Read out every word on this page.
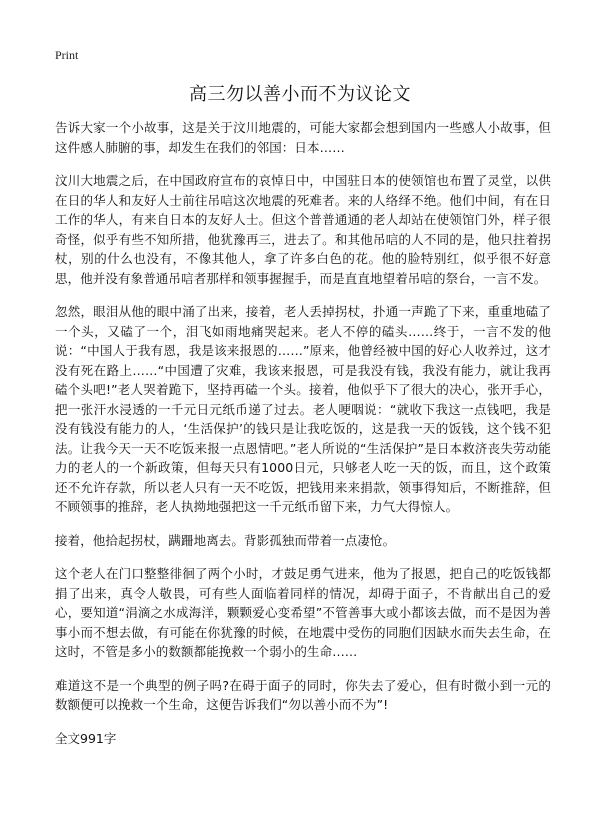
Print
高三勿以善小而不为议论文

告诉大家一个小故事，这是关于汶川地震的，可能大家都会想到国内一些感人小故事，但这件感人肺腑的事，却发生在我们的邻国：日本……

汶川大地震之后，在中国政府宣布的哀悼日中，中国驻日本的使领馆也布置了灵堂，以供在日的华人和友好人士前往吊唁这次地震的死难者。来的人络绎不绝。他们中间，有在日工作的华人，有来自日本的友好人士。但这个普普通通的老人却站在使领馆门外，样子很奇怪，似乎有些不知所措，他犹豫再三，进去了。和其他吊唁的人不同的是，他只拄着拐杖，别的什么也没有，不像其他人，拿了许多白色的花。他的脸特别红，似乎很不好意思，他并没有象普通吊唁者那样和领事握握手，而是直直地望着吊唁的祭台，一言不发。

忽然，眼泪从他的眼中涌了出来，接着，老人丢掉拐杖，扑通一声跪了下来，重重地磕了一个头，又磕了一个，泪飞如雨地痛哭起来。老人不停的磕头……终于，一言不发的他说：“中国人于我有恩，我是该来报恩的……”原来，他曾经被中国的好心人收养过，这才没有死在路上……“中国遭了灾难，我该来报恩，可是我没有钱，我没有能力，就让我再磕个头吧!”老人哭着跪下，坚持再磕一个头。接着，他似乎下了很大的决心，张开手心，把一张汗水浸透的一千元日元纸币递了过去。老人哽咽说：“就收下我这一点钱吧，我是没有钱没有能力的人，‘生活保护’的钱只是让我吃饭的，这是我一天的饭钱，这个钱不犯法。让我今天一天不吃饭来报一点恩情吧。”老人所说的“生活保护”是日本救济丧失劳动能力的老人的一个新政策，但每天只有1000日元，只够老人吃一天的饭，而且，这个政策还不允许存款，所以老人只有一天不吃饭，把钱用来来捐款，领事得知后，不断推辞，但不顾领事的推辞，老人执拗地强把这一千元纸币留下来，力气大得惊人。

接着，他拾起拐杖，蹒跚地离去。背影孤独而带着一点凄怆。

这个老人在门口整整徘徊了两个小时，才鼓足勇气进来，他为了报恩，把自己的吃饭钱都捐了出来，真令人敬畏，可有些人面临着同样的情况，却碍于面子，不肯献出自己的爱心，要知道“涓滴之水成海洋，颗颗爱心变希望”不管善事大或小都该去做，而不是因为善事小而不想去做，有可能在你犹豫的时候，在地震中受伤的同胞们因缺水而失去生命，在这时，不管是多小的数额都能挽救一个弱小的生命……

难道这不是一个典型的例子吗?在碍于面子的同时，你失去了爱心，但有时微小到一元的数额便可以挽救一个生命，这便告诉我们“勿以善小而不为”!

全文991字
